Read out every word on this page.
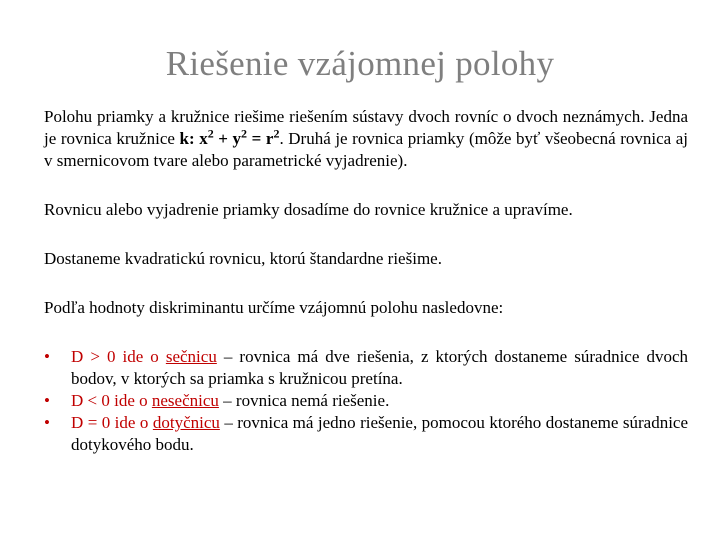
Riešenie vzájomnej polohy

Polohu priamky a kružnice riešime riešením sústavy dvoch rovníc o dvoch neznámych. Jedna je rovnica kružnice k: $x^2 + y^2 = r^2$. Druhá je rovnica priamky (môže byť všeobecná rovnica aj v smernicovom tvare alebo parametrické vyjadrenie).

Rovnicu alebo vyjadrenie priamky dosadíme do rovnice kružnice a upravíme.

Dostaneme kvadratickú rovnicu, ktorú štandardne riešime.

Podľa hodnoty diskriminantu určíme vzájomnú polohu nasledovne:

• D > 0 ide o sečnicu – rovnica má dve riešenia, z ktorých dostaneme súradnice dvoch bodov, v ktorých sa priamka s kružnicou pretína.
• D < 0 ide o nesečnicu – rovnica nemá riešenie.
• D = 0 ide o dotyčnicu – rovnica má jedno riešenie, pomocou ktorého dostaneme súradnice dotykového bodu.
